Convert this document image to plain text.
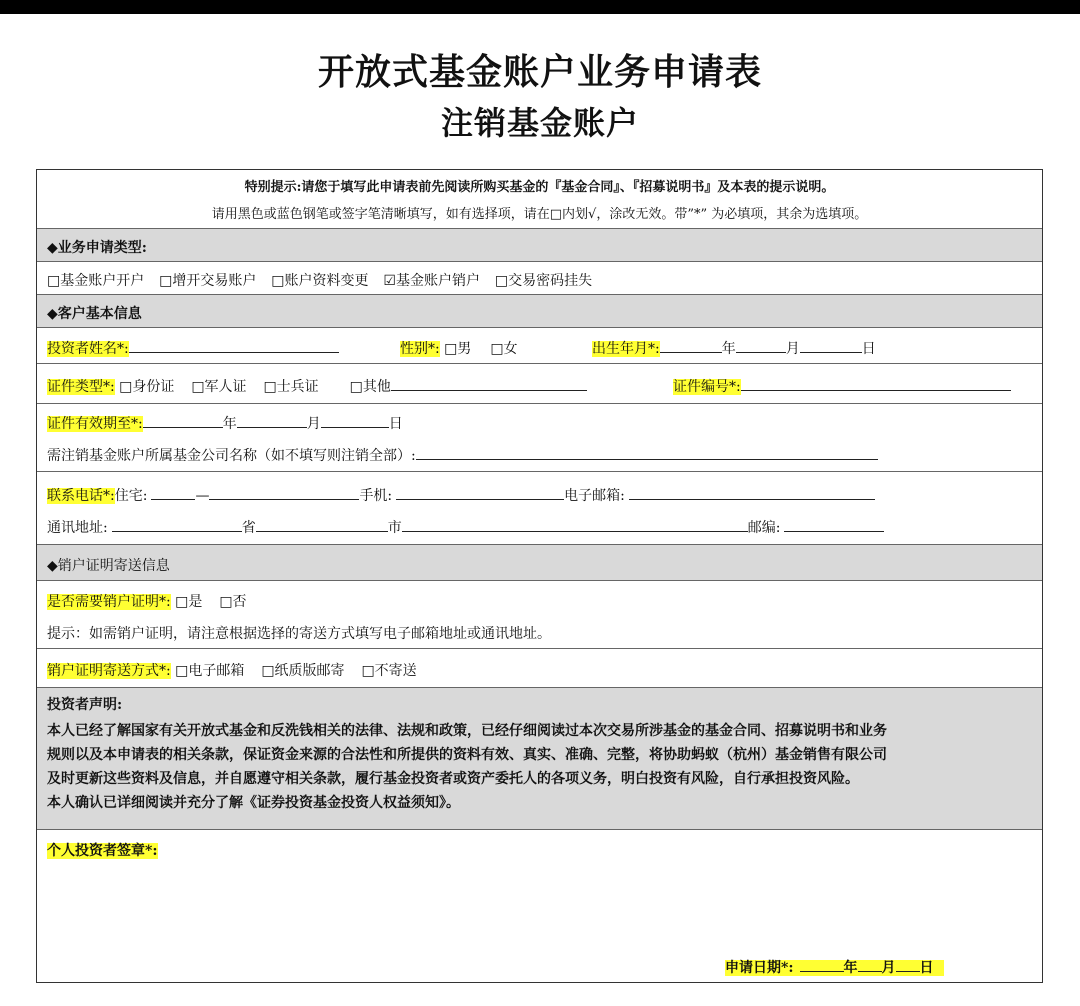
开放式基金账户业务申请表
注销基金账户
特别提示:请您于填写此申请表前先阅读所购买基金的『基金合同』、『招募说明书』及本表的提示说明。
请用黑色或蓝色钢笔或签字笔清晰填写，如有选择项，请在□内划√，涂改无效。带”*” 为必填项，其余为选填项。
◆业务申请类型:
□基金账户开户 □增开交易账户 □账户资料变更 ☑基金账户销户 □交易密码挂失
◆客户基本信息
投资者姓名*:	性别*: □男 □女	出生年月*:	年	月	日
证件类型*: □身份证 □军人证 □士兵证 □其他	证件编号*:
证件有效期至*:	年	月	日
需注销基金账户所属基金公司名称（如不填写则注销全部）:
联系电话*:住宅:	—	手机:	电子邮箱:
通讯地址:	省	市	邮编:
◆销户证明寄送信息
是否需要销户证明*: □是 □否
提示：如需销户证明，请注意根据选择的寄送方式填写电子邮箱地址或通讯地址。
销户证明寄送方式*: □电子邮箱 □纸质版邮寄 □不寄送
投资者声明:
本人已经了解国家有关开放式基金和反洗钱相关的法律、法规和政策，已经仔细阅读过本次交易所涉基金的基金合同、招募说明书和业务
规则以及本申请表的相关条款，保证资金来源的合法性和所提供的资料有效、真实、准确、完整，将协助蚂蚁（杭州）基金销售有限公司
及时更新这些资料及信息，并自愿遵守相关条款，履行基金投资者或资产委托人的各项义务，明白投资有风险，自行承担投资风险。
本人确认已详细阅读并充分了解《证券投资基金投资人权益须知》。
个人投资者签章*:
申请日期*:	年 月 日
